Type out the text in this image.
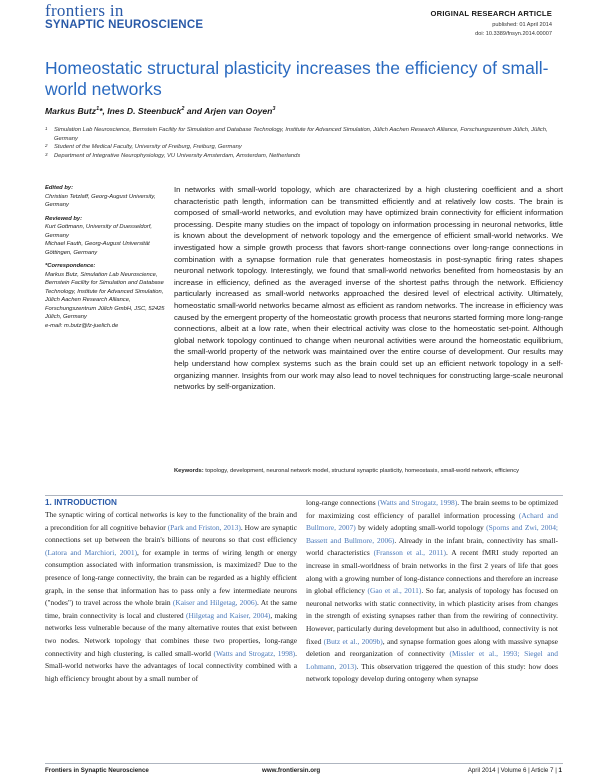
frontiers in
SYNAPTIC NEUROSCIENCE
ORIGINAL RESEARCH ARTICLE
published: 01 April 2014
doi: 10.3389/fnsyn.2014.00007
Homeostatic structural plasticity increases the efficiency of small-world networks
Markus Butz$^1$*, Ines D. Steenbuck$^2$ and Arjen van Ooyen$^3$
1 Simulation Lab Neuroscience, Bernstein Facility for Simulation and Database Technology, Institute for Advanced Simulation, Jülich Aachen Research Alliance, Forschungszentrum Jülich, Jülich, Germany
2 Student of the Medical Faculty, University of Freiburg, Freiburg, Germany
3 Department of Integrative Neurophysiology, VU University Amsterdam, Amsterdam, Netherlands
Edited by:
Christian Tetzlaff, Georg-August University, Germany
Reviewed by:
Kurt Gottmann, University of Duesseldorf, Germany
Michael Fauth, Georg-August Universität Göttingen, Germany
*Correspondence:
Markus Butz, Simulation Lab Neuroscience, Bernstein Facility for Simulation and Database Technology, Institute for Advanced Simulation, Jülich Aachen Research Alliance, Forschungszentrum Jülich GmbH, JSC, 52425 Jülich, Germany
e-mail: m.butz@fz-juelich.de
In networks with small-world topology, which are characterized by a high clustering coefficient and a short characteristic path length, information can be transmitted efficiently and at relatively low costs. The brain is composed of small-world networks, and evolution may have optimized brain connectivity for efficient information processing. Despite many studies on the impact of topology on information processing in neuronal networks, little is known about the development of network topology and the emergence of efficient small-world networks. We investigated how a simple growth process that favors short-range connections over long-range connections in combination with a synapse formation rule that generates homeostasis in post-synaptic firing rates shapes neuronal network topology. Interestingly, we found that small-world networks benefited from homeostasis by an increase in efficiency, defined as the averaged inverse of the shortest paths through the network. Efficiency particularly increased as small-world networks approached the desired level of electrical activity. Ultimately, homeostatic small-world networks became almost as efficient as random networks. The increase in efficiency was caused by the emergent property of the homeostatic growth process that neurons started forming more long-range connections, albeit at a low rate, when their electrical activity was close to the homeostatic set-point. Although global network topology continued to change when neuronal activities were around the homeostatic equilibrium, the small-world property of the network was maintained over the entire course of development. Our results may help understand how complex systems such as the brain could set up an efficient network topology in a self-organizing manner. Insights from our work may also lead to novel techniques for constructing large-scale neuronal networks by self-organization.
Keywords: topology, development, neuronal network model, structural synaptic plasticity, homeostasis, small-world network, efficiency
1. INTRODUCTION
The synaptic wiring of cortical networks is key to the functionality of the brain and a precondition for all cognitive behavior (Park and Friston, 2013). How are synaptic connections set up between the brain's billions of neurons so that cost efficiency (Latora and Marchiori, 2001), for example in terms of wiring length or energy consumption associated with information transmission, is maximized? Due to the presence of long-range connectivity, the brain can be regarded as a highly efficient graph, in the sense that information has to pass only a few intermediate neurons ("nodes") to travel across the whole brain (Kaiser and Hilgetag, 2006). At the same time, brain connectivity is local and clustered (Hilgetag and Kaiser, 2004), making networks less vulnerable because of the many alternative routes that exist between two nodes. Network topology that combines these two properties, long-range connectivity and high clustering, is called small-world (Watts and Strogatz, 1998). Small-world networks have the advantages of local connectivity combined with a high efficiency brought about by a small number of
long-range connections (Watts and Strogatz, 1998). The brain seems to be optimized for maximizing cost efficiency of parallel information processing (Achard and Bullmore, 2007) by widely adopting small-world topology (Sporns and Zwi, 2004; Bassett and Bullmore, 2006). Already in the infant brain, connectivity has small-world characteristics (Fransson et al., 2011). A recent fMRI study reported an increase in small-worldness of brain networks in the first 2 years of life that goes along with a growing number of long-distance connections and therefore an increase in global efficiency (Gao et al., 2011). So far, analysis of topology has focused on neuronal networks with static connectivity, in which plasticity arises from changes in the strength of existing synapses rather than from the rewiring of connectivity. However, particularly during development but also in adulthood, connectivity is not fixed (Butz et al., 2009b), and synapse formation goes along with massive synapse deletion and reorganization of connectivity (Missler et al., 1993; Siegel and Lohmann, 2013). This observation triggered the question of this study: how does network topology develop during ontogeny when synapse
Frontiers in Synaptic Neuroscience	www.frontiersin.org	April 2014 | Volume 6 | Article 7 | 1
